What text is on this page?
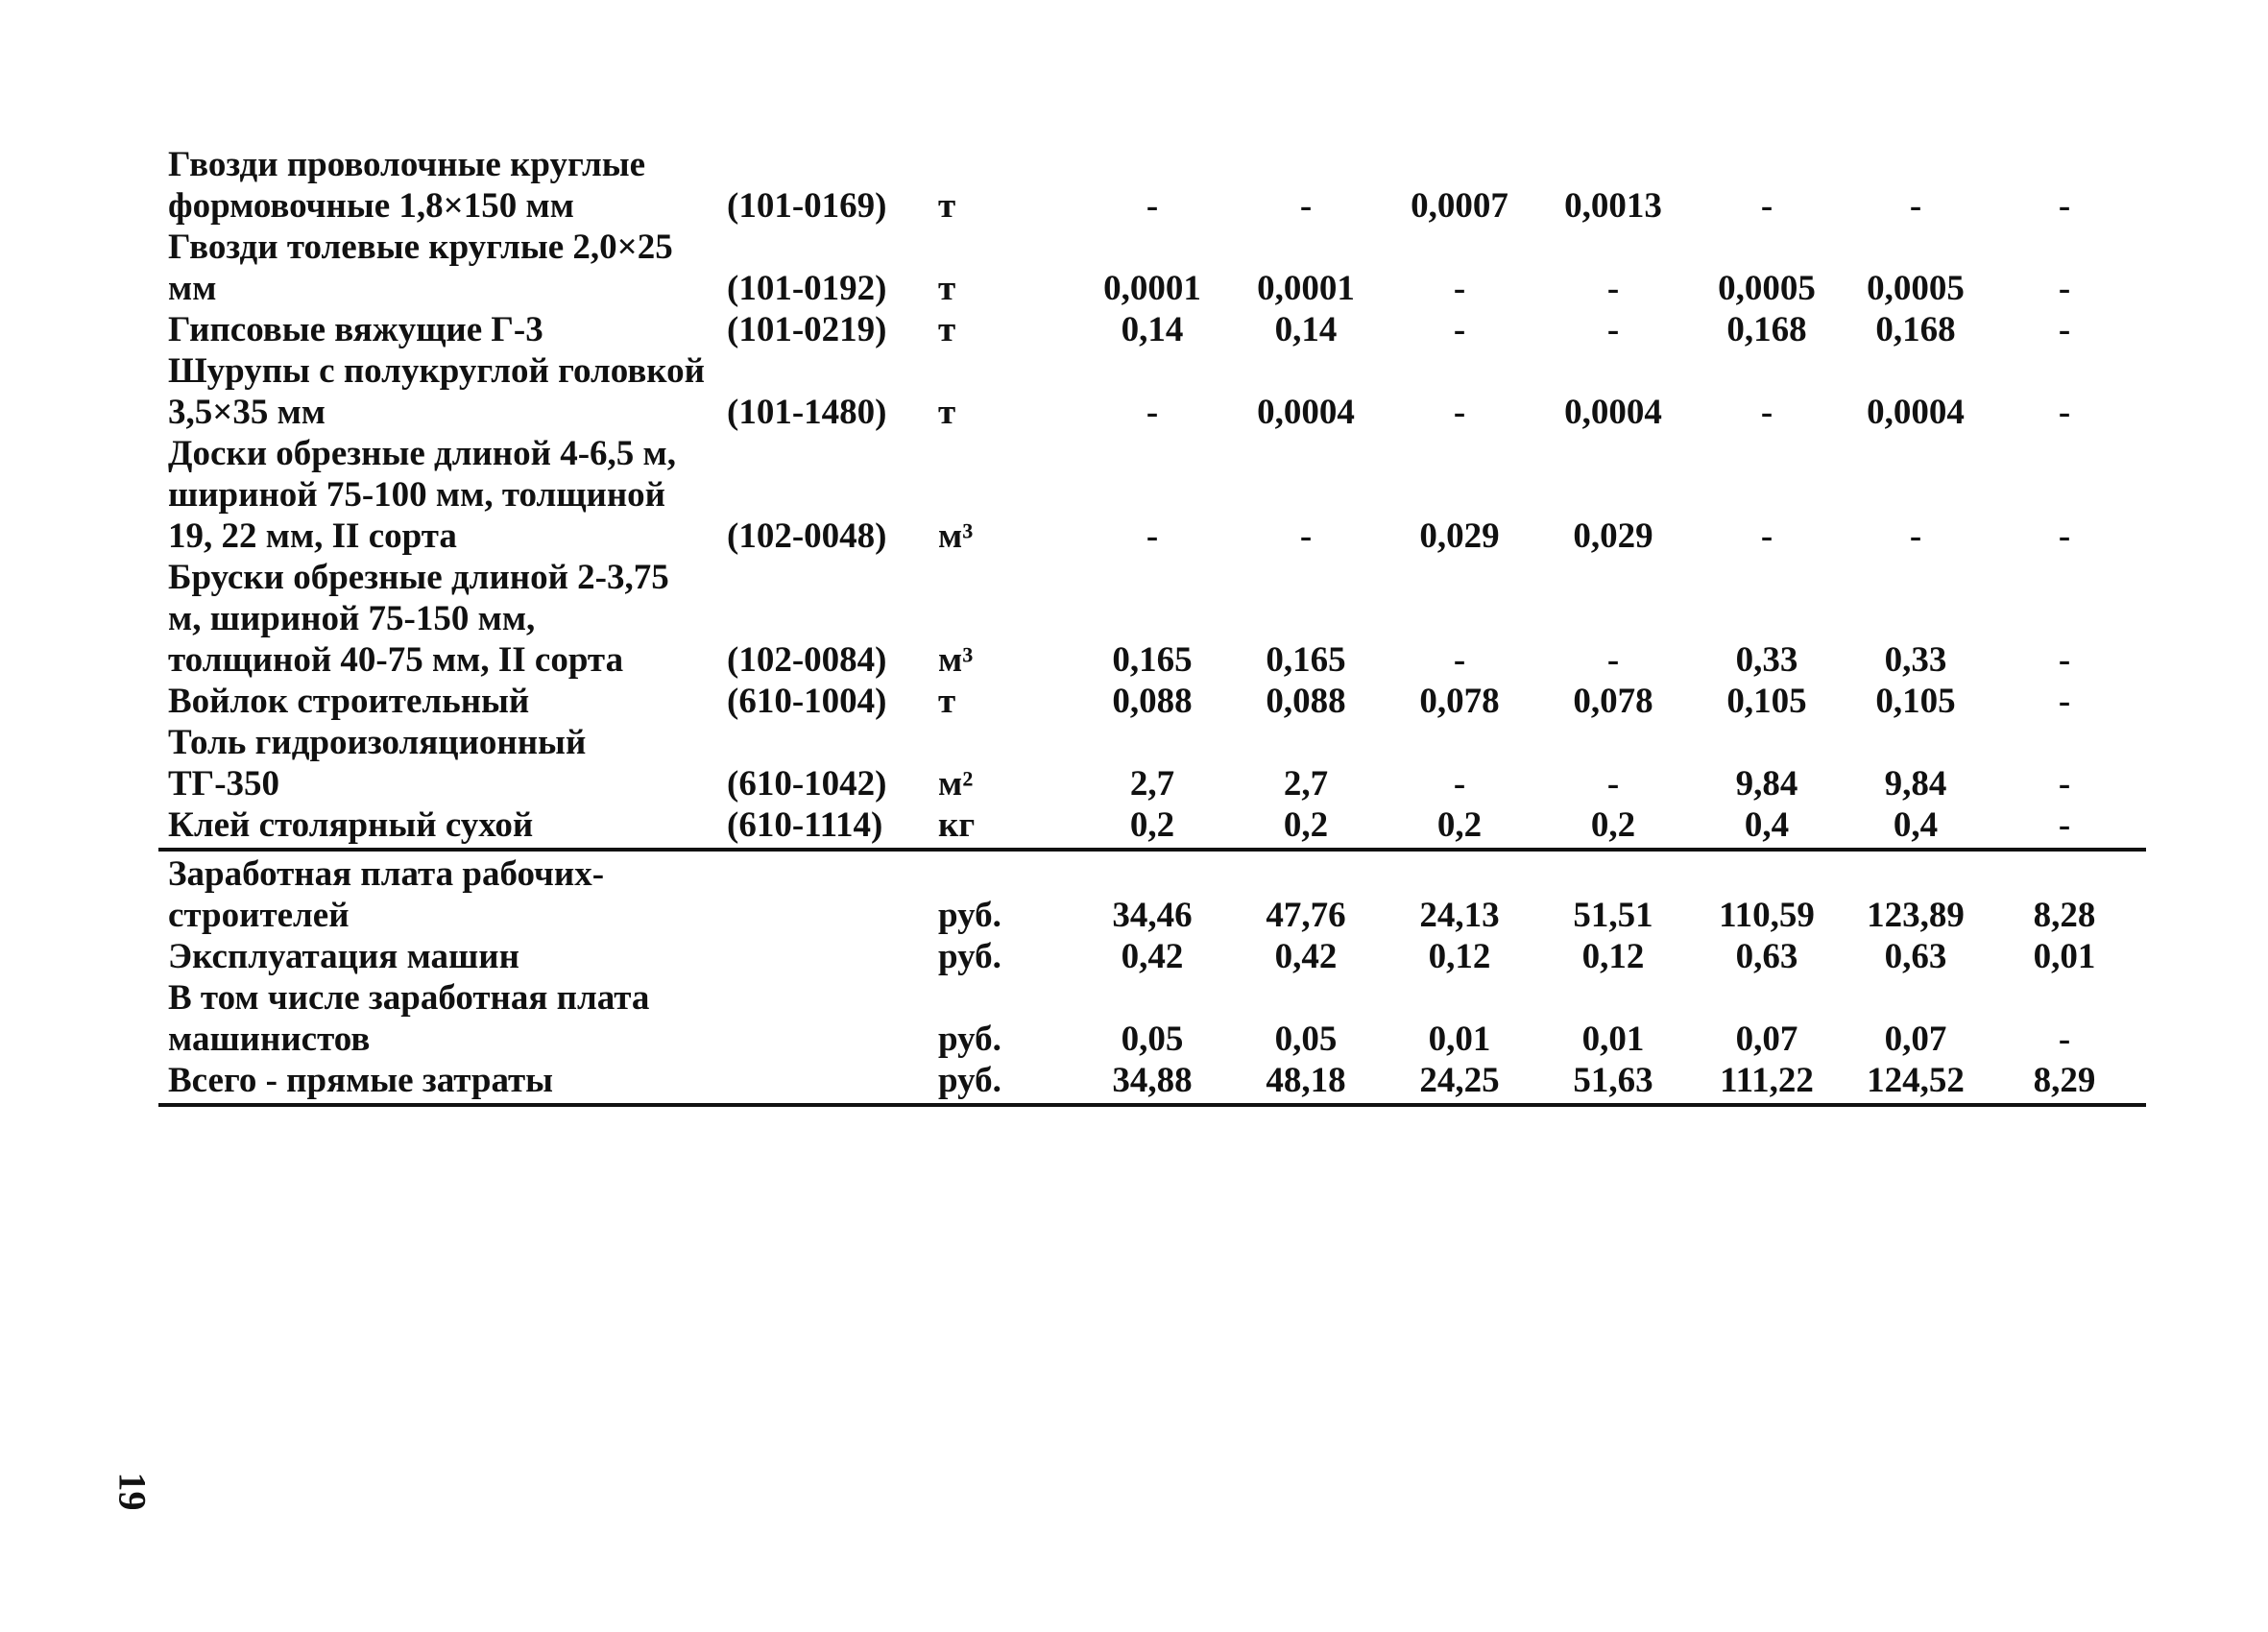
Гвозди проволочные круглые формовочные 1,8×150 мм	(101-0169) т	-	-	0,0007	0,0013	-	-	-
Гвозди толевые круглые 2,0×25 мм	(101-0192) т	0,0001	0,0001	-	-	0,0005	0,0005	-
Гипсовые вяжущие Г-3	(101-0219) т	0,14	0,14	-	-	0,168	0,168	-
Шурупы с полукруглой головкой 3,5×35 мм	(101-1480) т	-	0,0004	-	0,0004	-	0,0004	-
Доски обрезные длиной 4-6,5 м, шириной 75-100 мм, толщиной 19, 22 мм, II сорта	(102-0048) м³	-	-	0,029	0,029	-	-	-
Бруски обрезные длиной 2-3,75 м, шириной 75-150 мм, толщиной 40-75 мм, II сорта	(102-0084) м³	0,165	0,165	-	-	0,33	0,33	-
Войлок строительный	(610-1004) т	0,088	0,088	0,078	0,078	0,105	0,105	-
Толь гидроизоляционный ТГ-350	(610-1042) м²	2,7	2,7	-	-	9,84	9,84	-
Клей столярный сухой	(610-1114) кг	0,2	0,2	0,2	0,2	0,4	0,4	-
Заработная плата рабочих-строителей	руб.	34,46	47,76	24,13	51,51	110,59	123,89	8,28
Эксплуатация машин	руб.	0,42	0,42	0,12	0,12	0,63	0,63	0,01
В том числе заработная плата машинистов	руб.	0,05	0,05	0,01	0,01	0,07	0,07	-
Всего - прямые затраты	руб.	34,88	48,18	24,25	51,63	111,22	124,52	8,29
19
